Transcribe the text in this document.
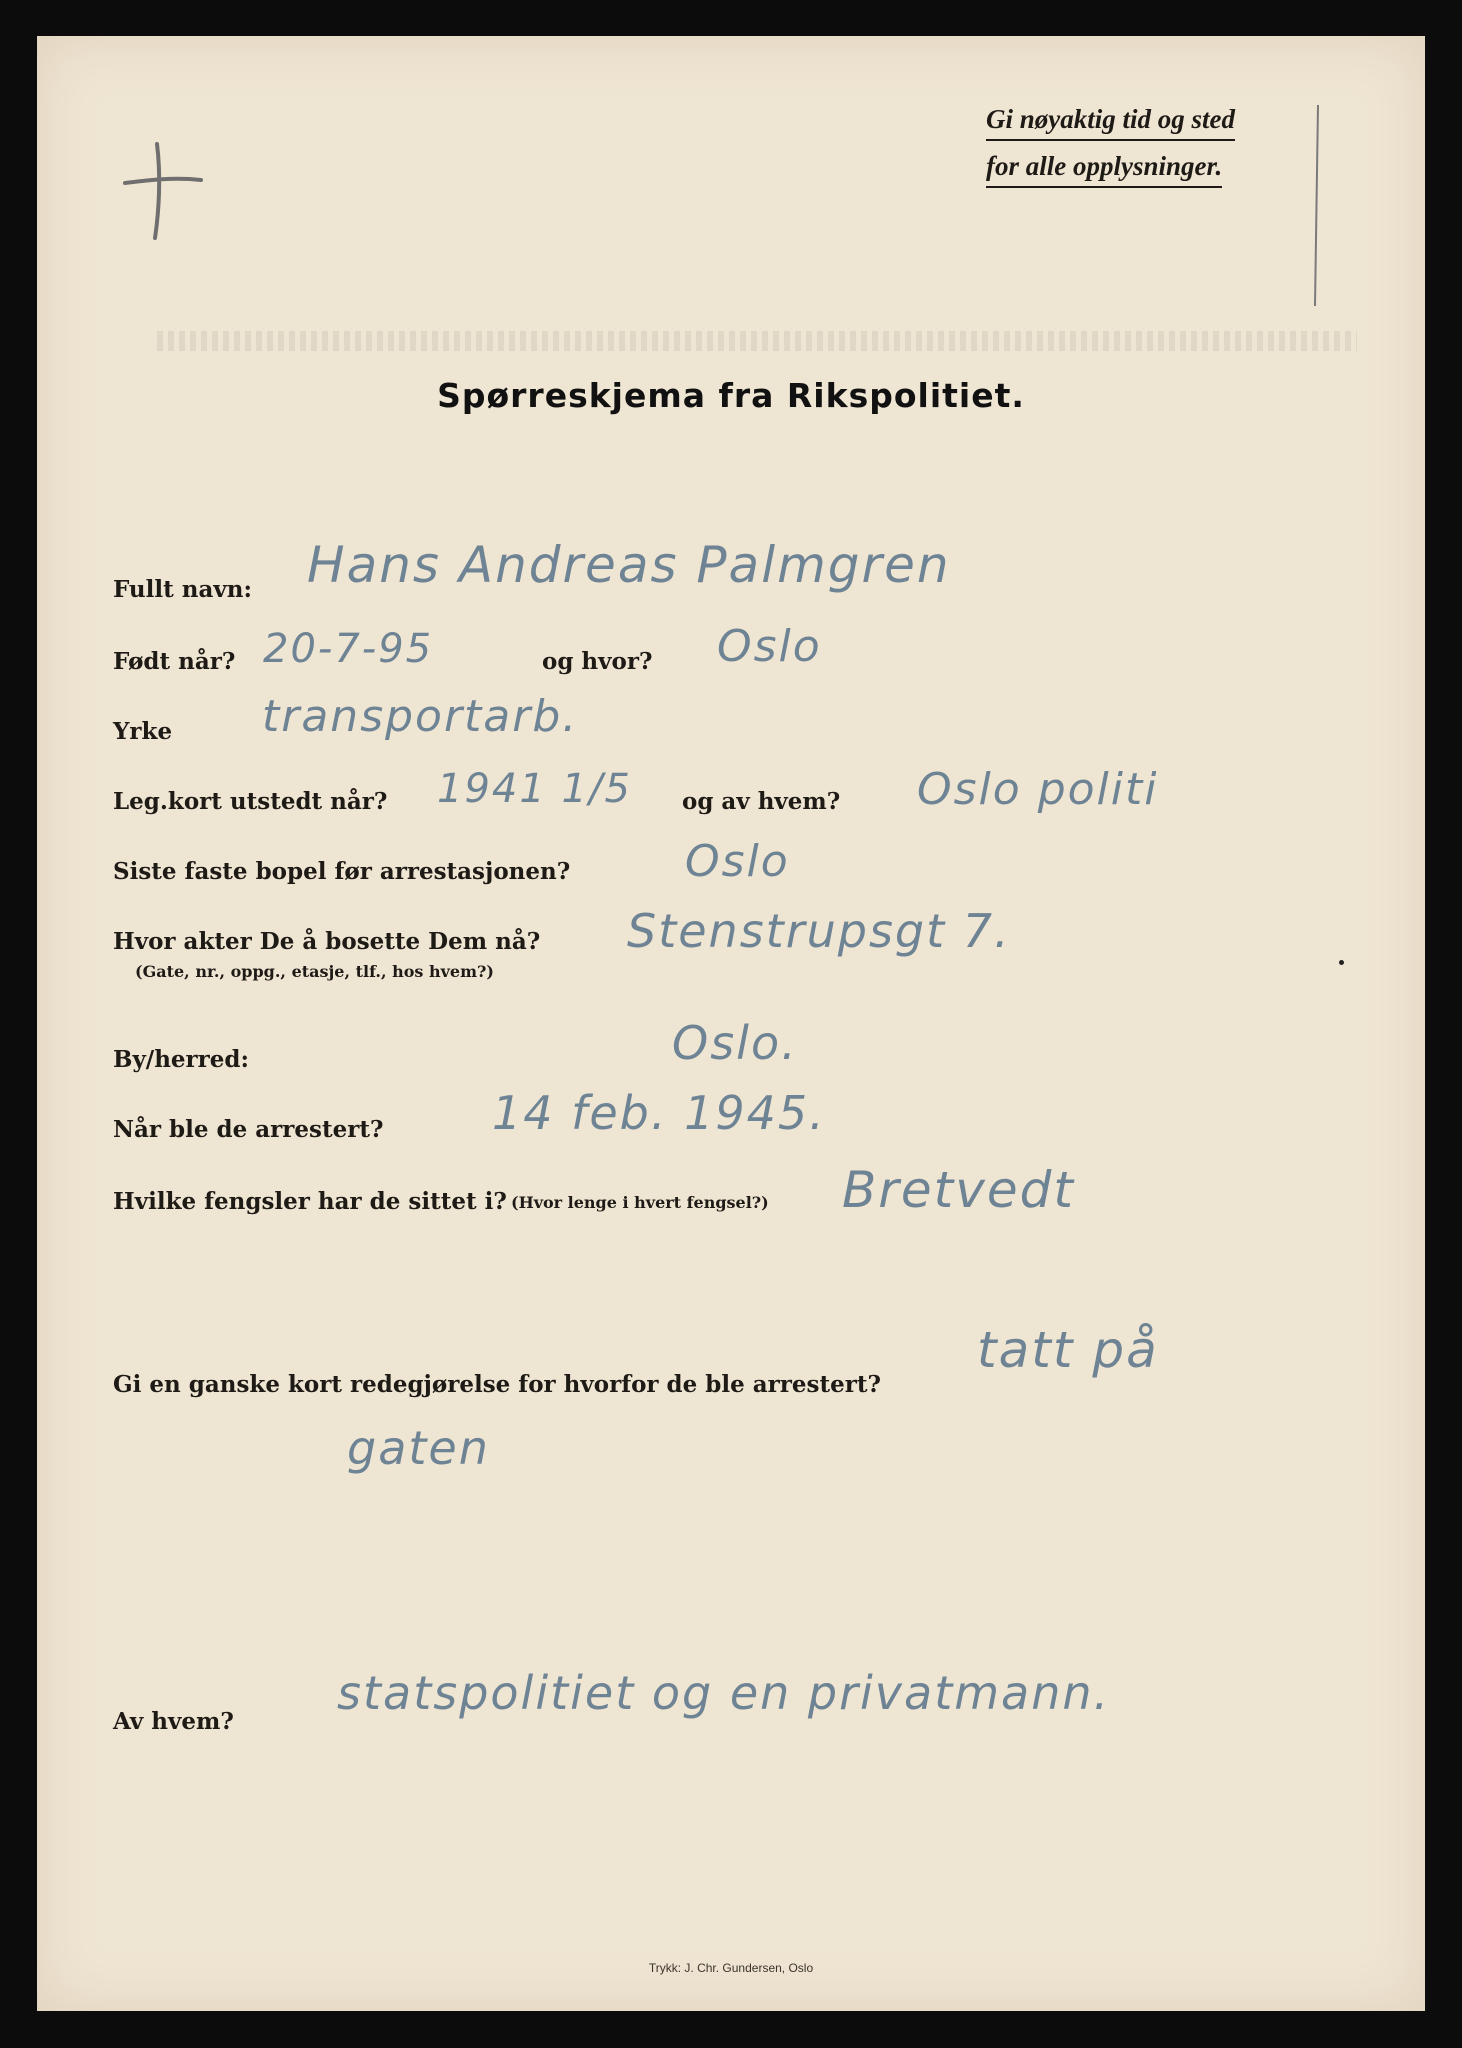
Gi nøyaktig tid og sted
for alle opplysninger.
Spørreskjema fra Rikspolitiet.
Fullt navn: Hans Andreas Palmgren
Født når? 20-7-95	og hvor? Oslo
Yrke transportarb.
Leg.kort utstedt når? 1941 1/5 og av hvem? Oslo politi
Siste faste bopel før arrestasjonen?	Oslo
Hvor akter De å bosette Dem nå?
(Gate, nr., oppg., etasje, tlf., hos hvem?)
Stenstrupsgt 7.
By/herred:	Oslo.
Når ble de arrestert? 14 feb. 1945.
Hvilke fengsler har de sittet i? (Hvor lenge i hvert fengsel?) Bretvedt
Gi en ganske kort redegjørelse for hvorfor de ble arrestert?
tatt på
gaten
Av hvem?
statspolitiet og en privatmann.
Trykk: J. Chr. Gundersen, Oslo
